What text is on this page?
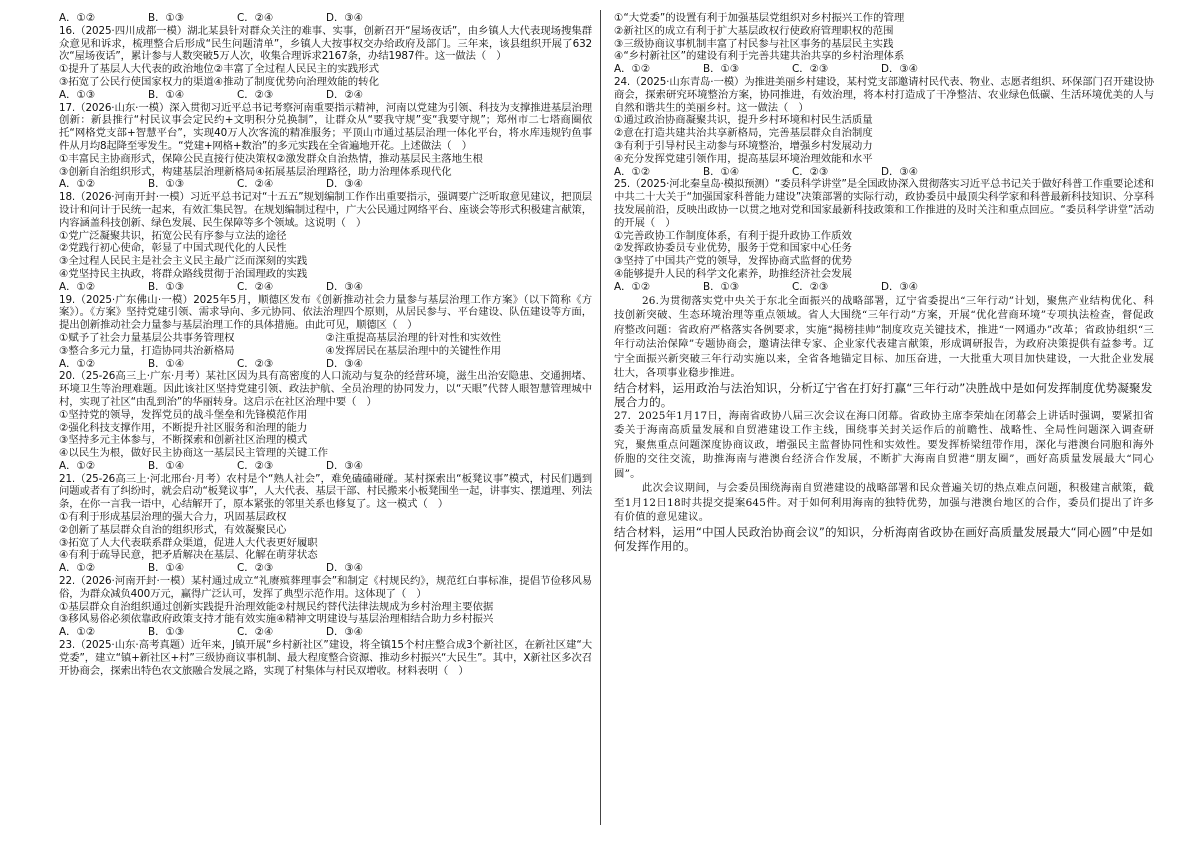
A．①②	B．①③	C．②④	D．③④

16.（2025·四川成都一模）湖北某县针对群众关注的难事、实事，创新召开“屋场夜话”，由乡镇人大代表现场搜集群众意见和诉求，梳理整合后形成“民生问题清单”，乡镇人大按事权交办给政府及部门。三年来，该县组织开展了632次“屋场夜话”，累计参与人数突破5万人次，收集合理诉求2167条，办结1987件。这一做法（　）

①提升了基层人大代表的政治地位②丰富了全过程人民民主的实践形式

③拓宽了公民行使国家权力的渠道④推动了制度优势向治理效能的转化

A．①③	B．①④	C．②③	D．②④

17.（2026·山东·一模）深入贯彻习近平总书记考察河南重要指示精神，河南以党建为引领、科技为支撑推进基层治理创新：新县推行“村民议事会定民约+文明积分兑换制”，让群众从“要我守规”变“我要守规”；郑州市二七塔商圈依托“网格党支部+智慧平台”，实现40万人次客流的精准服务；平顶山市通过基层治理一体化平台，将水库违规钓鱼事件从月均8起降至零发生。“党建+网格+数治”的多元实践在全省遍地开花。上述做法（　）

①丰富民主协商形式，保障公民直接行使决策权②激发群众自治热情，推动基层民主落地生根

③创新自治组织形式，构建基层治理新格局④拓展基层治理路径，助力治理体系现代化

A．①②	B．①③	C．②④	D．③④

18.（2026·河南开封·一模）习近平总书记对“十五五”规划编制工作作出重要指示，强调要广泛听取意见建议，把顶层设计和问计于民统一起来，有效汇集民智。在规划编制过程中，广大公民通过网络平台、座谈会等形式积极建言献策，内容涵盖科技创新、绿色发展、民生保障等多个领域。这说明（　）

①党广泛凝聚共识，拓宽公民有序参与立法的途径

②党践行初心使命，彰显了中国式现代化的人民性

③全过程人民民主是社会主义民主最广泛而深刻的实践

④党坚持民主执政，将群众路线贯彻于治国理政的实践

A．①②	B．①③	C．②④	D．③④

19.（2025·广东佛山·一模）2025年5月，顺德区发布《创新推动社会力量参与基层治理工作方案》（以下简称《方案》）。《方案》坚持党建引领、需求导向、多元协同、依法治理四个原则，从居民参与、平台建设、队伍建设等方面，提出创新推动社会力量参与基层治理工作的具体措施。由此可见，顺德区（　）

①赋予了社会力量基层公共事务管理权	②注重提高基层治理的针对性和实效性
③整合多元力量，打造协同共治新格局	④发挥居民在基层治理中的关键性作用
A．①②	B．①④	C．②③	D．③④

20.（25-26高三上·广东·月考）某社区因为具有高密度的人口流动与复杂的经营环境，滋生出治安隐患、交通拥堵、环境卫生等治理难题。因此该社区坚持党建引领、政法护航、全员治理的协同发力，以“天眼”代替人眼智慧管理城中村，实现了社区“由乱到治”的华丽转身。这启示在社区治理中要（　）

①坚持党的领导，发挥党员的战斗堡垒和先锋模范作用

②强化科技支撑作用，不断提升社区服务和治理的能力

③坚持多元主体参与，不断探索和创新社区治理的模式

④以民生为根，做好民主协商这一基层民主管理的关键工作

A．①②	B．①④	C．②③	D．③④

21.（25-26高三上·河北邢台·月考）农村是个“熟人社会”，难免磕磕碰碰。某村探索出“板凳议事”模式，村民们遇到问题或者有了纠纷时，就会启动“板凳议事”，人大代表、基层干部、村民搬来小板凳围坐一起，讲事实、摆道理、列法条，在你一言我一语中，心结解开了，原本紧张的邻里关系也修复了。这一模式（　）

①有利于形成基层治理的强大合力，巩固基层政权

②创新了基层群众自治的组织形式，有效凝聚民心

③拓宽了人大代表联系群众渠道，促进人大代表更好履职

④有利于疏导民意，把矛盾解决在基层、化解在萌芽状态

A．①②	B．①④	C．②③	D．③④

22.（2026·河南开封·一模）某村通过成立“礼赓殡葬理事会”和制定《村规民约》，规范红白事标准，提倡节俭移风易俗，为群众减负400万元，赢得广泛认可，发挥了典型示范作用。这体现了（　）

①基层群众自治组织通过创新实践提升治理效能②村规民约替代法律法规成为乡村治理主要依据

③移风易俗必须依靠政府政策支持才能有效实施④精神文明建设与基层治理相结合助力乡村振兴

A．①②	B．①③	C．②④	D．③④

23.（2025·山东·高考真题）近年来，J镇开展“乡村新社区”建设，将全镇15个村庄整合成3个新社区，在新社区建“大党委”，建立“镇+新社区+村”三级协商议事机制、最大程度整合资源、推动乡村振兴“大民生”。其中，X新社区多次召开协商会，探索出特色农文旅融合发展之路，实现了村集体与村民双增收。材料表明（　）

①“大党委”的设置有利于加强基层党组织对乡村振兴工作的管理

②新社区的成立有利于扩大基层政权行使政府管理职权的范围

③三级协商议事机制丰富了村民参与社区事务的基层民主实践

④“乡村新社区”的建设有利于完善共建共治共享的乡村治理体系

A．①②	B．①③	C．②③	D．③④

24.（2025·山东青岛·一模）为推进美丽乡村建设，某村党支部邀请村民代表、物业、志愿者组织、环保部门召开建设协商会，探索研究环境整治方案，协同推进，有效治理，将本村打造成了干净整洁、农业绿色低碳、生活环境优美的人与自然和谐共生的美丽乡村。这一做法（　）

①通过政治协商凝聚共识，提升乡村环境和村民生活质量

②意在打造共建共治共享新格局，完善基层群众自治制度

③有利于引导村民主动参与环境整治，增强乡村发展动力

④充分发挥党建引领作用，提高基层环境治理效能和水平

A．①②	B．①④	C．②③	D．③④

25.（2025·河北秦皇岛·模拟预测）“委员科学讲堂”是全国政协深入贯彻落实习近平总书记关于做好科普工作重要论述和中共二十大关于“加强国家科普能力建设”决策部署的实际行动，政协委员中最顶尖科学家和科普最新科技知识、分享科技发展前沿，反映出政协一以贯之地对党和国家最新科技政策和工作推进的及时关注和重点回应。“委员科学讲堂”活动的开展（　）

①完善政协工作制度体系，有利于提升政协工作质效

②发挥政协委员专业优势，服务于党和国家中心任务

③坚持了中国共产党的领导，发挥协商式监督的优势

④能够提升人民的科学文化素养，助推经济社会发展

A．①②	B．①③	C．②③	D．③④

26.为贯彻落实党中央关于东北全面振兴的战略部署，辽宁省委提出“三年行动”计划，聚焦产业结构优化、科技创新突破、生态环境治理等重点领域。省人大围绕“三年行动”方案，开展“优化营商环境”专项执法检查，督促政府整改问题：省政府严格落实各例要求，实施“揭榜挂帅”制度攻克关键技术，推进“一网通办”改革；省政协组织“三年行动法治保障”专题协商会，邀请法律专家、企业家代表建言献策，形成调研报告，为政府决策提供有益参考。辽宁全面振兴新突破三年行动实施以来，全省各地锚定目标、加压奋进，一大批重大项目加快建设，一大批企业发展壮大，各项事业稳步推进。

结合材料，运用政治与法治知识，分析辽宁省在打好打赢“三年行动”决胜战中是如何发挥制度优势凝聚发展合力的。

27．2025年1月17日，海南省政协八届三次会议在海口闭幕。省政协主席李荣灿在闭幕会上讲话时强调，要紧扣省委关于海南高质量发展和自贸港建设工作主线，围绕事关封关运作后的前瞻性、战略性、全局性问题深入调查研究，聚焦重点问题深度协商议政，增强民主监督协同性和实效性。要发挥桥梁纽带作用，深化与港澳台同胞和海外侨胞的交往交流，助推海南与港澳台经济合作发展，不断扩大海南自贸港“朋友圈”，画好高质量发展最大“同心圆”。

此次会议期间，与会委员围绕海南自贸港建设的战略部署和民众普遍关切的热点难点问题，积极建言献策，截至1月12日18时共提交提案645件。对于如何利用海南的独特优势，加强与港澳台地区的合作，委员们提出了许多有价值的意见建议。

结合材料，运用“中国人民政治协商会议”的知识，分析海南省政协在画好高质量发展最大“同心圆”中是如何发挥作用的。
